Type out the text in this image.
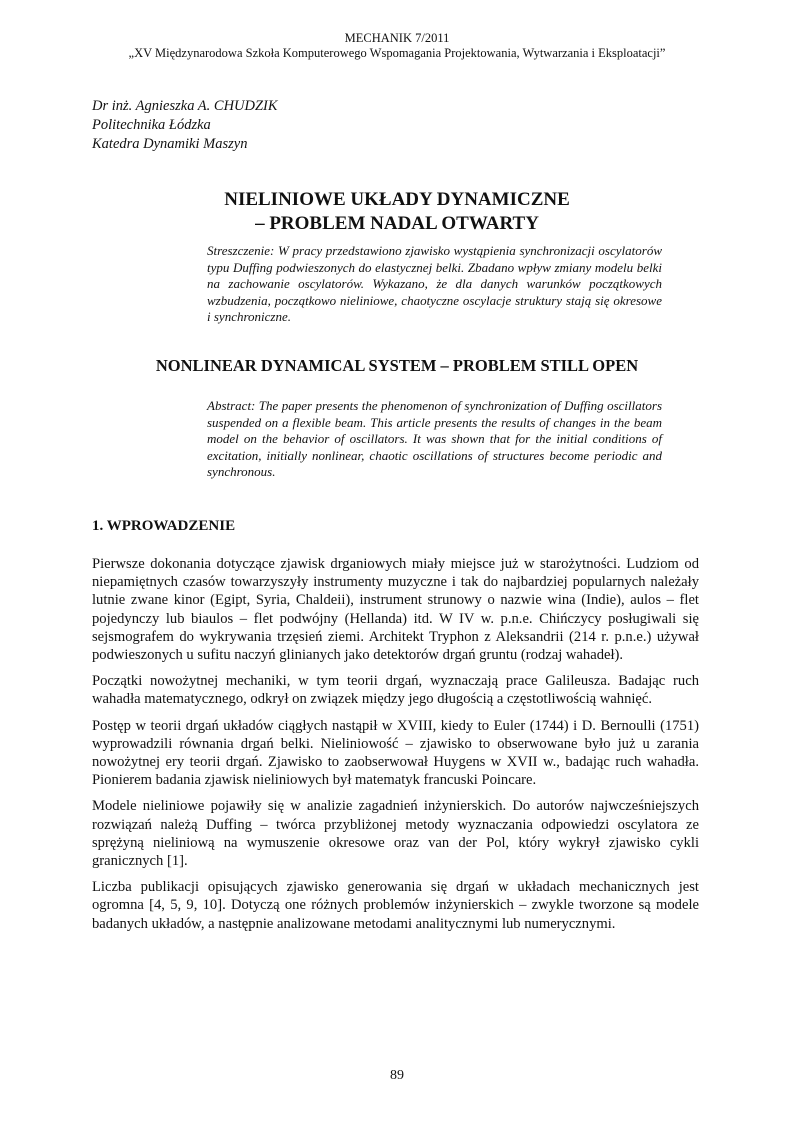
MECHANIK 7/2011
„XV Międzynarodowa Szkoła Komputerowego Wspomagania Projektowania, Wytwarzania i Eksploatacji”
Dr inż. Agnieszka A. CHUDZIK
Politechnika Łódzka
Katedra Dynamiki Maszyn
NIELINIOWE UKŁADY DYNAMICZNE
– PROBLEM NADAL OTWARTY
Streszczenie: W pracy przedstawiono zjawisko wystąpienia synchronizacji oscylatorów typu Duffing podwieszonych do elastycznej belki. Zbadano wpływ zmiany modelu belki na zachowanie oscylatorów. Wykazano, że dla danych warunków początkowych wzbudzenia, początkowo nieliniowe, chaotyczne oscylacje struktury stają się okresowe i synchroniczne.
NONLINEAR DYNAMICAL SYSTEM – PROBLEM STILL OPEN
Abstract: The paper presents the phenomenon of synchronization of Duffing oscillators suspended on a flexible beam. This article presents the results of changes in the beam model on the behavior of oscillators. It was shown that for the initial conditions of excitation, initially nonlinear, chaotic oscillations of structures become periodic and synchronous.
1. WPROWADZENIE

Pierwsze dokonania dotyczące zjawisk drganiowych miały miejsce już w starożytności. Ludziom od niepamiętnych czasów towarzyszyły instrumenty muzyczne i tak do najbardziej popularnych należały lutnie zwane kinor (Egipt, Syria, Chaldeii), instrument strunowy o nazwie wina (Indie), aulos – flet pojedynczy lub biaulos – flet podwójny (Hellanda) itd. W IV w. p.n.e. Chińczycy posługiwali się sejsmografem do wykrywania trzęsień ziemi. Architekt Tryphon z Aleksandrii (214 r. p.n.e.) używał podwieszonych u sufitu naczyń glinianych jako detektorów drgań gruntu (rodzaj wahadeł).

Początki nowożytnej mechaniki, w tym teorii drgań, wyznaczają prace Galileusza. Badając ruch wahadła matematycznego, odkrył on związek między jego długością a częstotliwością wahnięć.

Postęp w teorii drgań układów ciągłych nastąpił w XVIII, kiedy to Euler (1744) i D. Bernoulli (1751) wyprowadzili równania drgań belki. Nieliniowość – zjawisko to obserwowane było już u zarania nowożytnej ery teorii drgań. Zjawisko to zaobserwował Huygens w XVII w., badając ruch wahadła. Pionierem badania zjawisk nieliniowych był matematyk francuski Poincare.

Modele nieliniowe pojawiły się w analizie zagadnień inżynierskich. Do autorów najwcześniejszych rozwiązań należą Duffing – twórca przybliżonej metody wyznaczania odpowiedzi oscylatora ze sprężyną nieliniową na wymuszenie okresowe oraz van der Pol, który wykrył zjawisko cykli granicznych [1].

Liczba publikacji opisujących zjawisko generowania się drgań w układach mechanicznych jest ogromna [4, 5, 9, 10]. Dotyczą one różnych problemów inżynierskich – zwykle tworzone są modele badanych układów, a następnie analizowane metodami analitycznymi lub numerycznymi.

89
